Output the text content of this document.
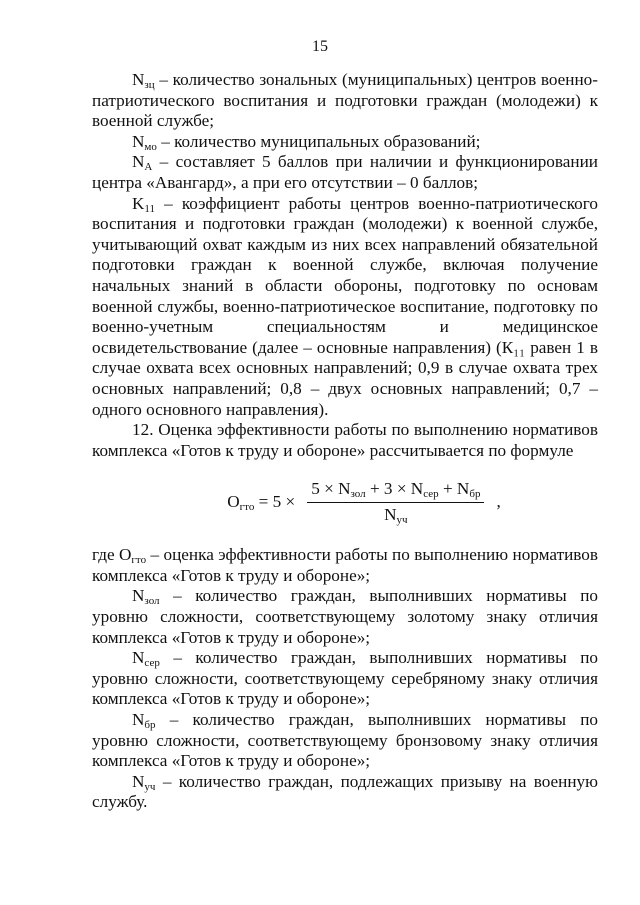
15

$N_{зц}$ – количество зональных (муниципальных) центров военно-патриотического воспитания и подготовки граждан (молодежи) к военной службе;

$N_{мо}$ – количество муниципальных образований;

$N_А$ – составляет 5 баллов при наличии и функционировании центра «Авангард», а при его отсутствии – 0 баллов;

$K_{11}$ – коэффициент работы центров военно-патриотического воспитания и подготовки граждан (молодежи) к военной службе, учитывающий охват каждым из них всех направлений обязательной подготовки граждан к военной службе, включая получение начальных знаний в области обороны, подготовку по основам военной службы, военно-патриотическое воспитание, подготовку по военно-учетным специальностям и медицинское освидетельствование (далее – основные направления) (К₁₁ равен 1 в случае охвата всех основных направлений; 0,9 в случае охвата трех основных направлений; 0,8 – двух основных направлений; 0,7 – одного основного направления).

12. Оценка эффективности работы по выполнению нормативов комплекса «Готов к труду и обороне» рассчитывается по формуле

$O_{гто} = 5 \times \frac{5 \times N_{зол} + 3 \times N_{сер} + N_{бр}}{N_{уч}}$ ,

где $O_{гто}$ – оценка эффективности работы по выполнению нормативов комплекса «Готов к труду и обороне»;

$N_{зол}$ – количество граждан, выполнивших нормативы по уровню сложности, соответствующему золотому знаку отличия комплекса «Готов к труду и обороне»;

$N_{сер}$ – количество граждан, выполнивших нормативы по уровню сложности, соответствующему серебряному знаку отличия комплекса «Готов к труду и обороне»;

$N_{бр}$ – количество граждан, выполнивших нормативы по уровню сложности, соответствующему бронзовому знаку отличия комплекса «Готов к труду и обороне»;

$N_{уч}$ – количество граждан, подлежащих призыву на военную службу.
